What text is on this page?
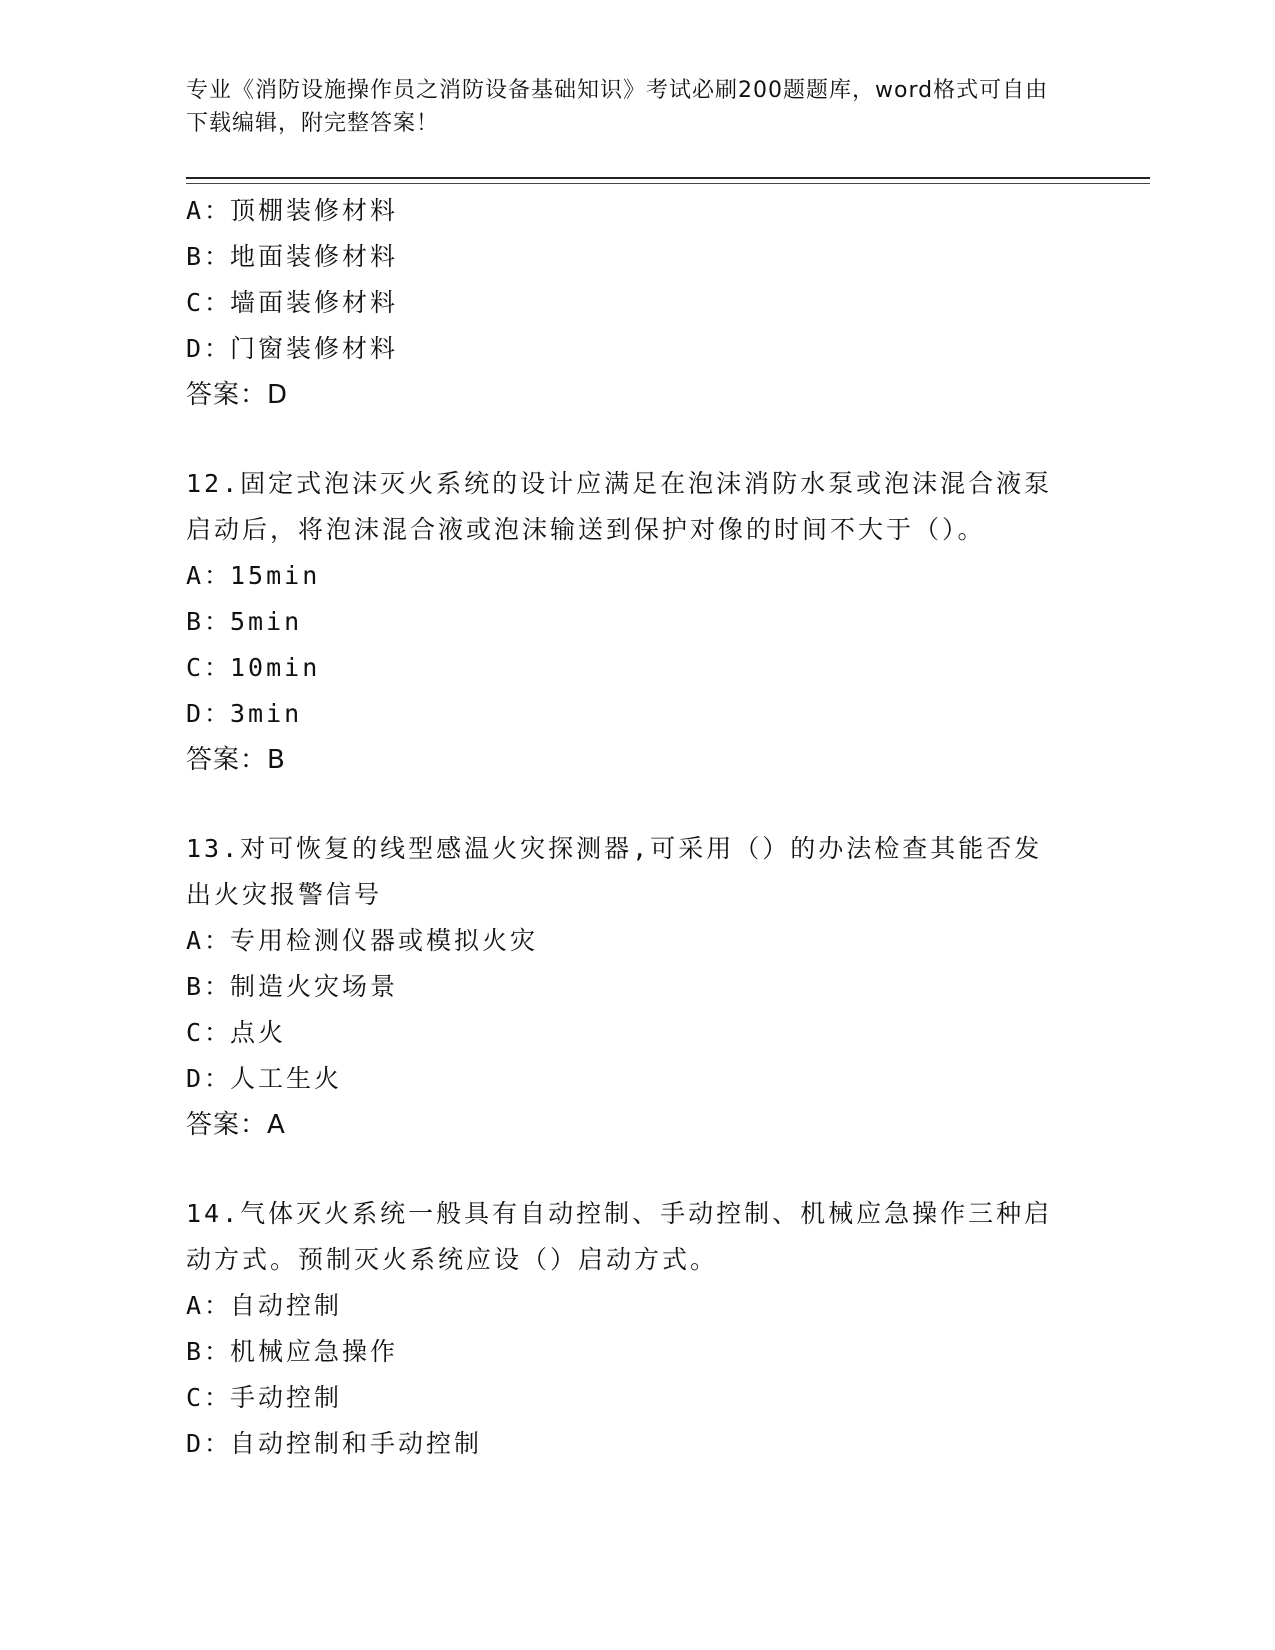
专业《消防设施操作员之消防设备基础知识》考试必刷200题题库，word格式可自由下载编辑，附完整答案！
A：顶棚装修材料
B：地面装修材料
C：墙面装修材料
D：门窗装修材料
答案：D
12.固定式泡沫灭火系统的设计应满足在泡沫消防水泵或泡沫混合液泵
启动后，将泡沫混合液或泡沫输送到保护对像的时间不大于（）。
A：15min
B：5min
C：10min
D：3min
答案：B
13.对可恢复的线型感温火灾探测器,可采用（）的办法检查其能否发
出火灾报警信号
A：专用检测仪器或模拟火灾
B：制造火灾场景
C：点火
D：人工生火
答案：A
14.气体灭火系统一般具有自动控制、手动控制、机械应急操作三种启
动方式。预制灭火系统应设（）启动方式。
A：自动控制
B：机械应急操作
C：手动控制
D：自动控制和手动控制
